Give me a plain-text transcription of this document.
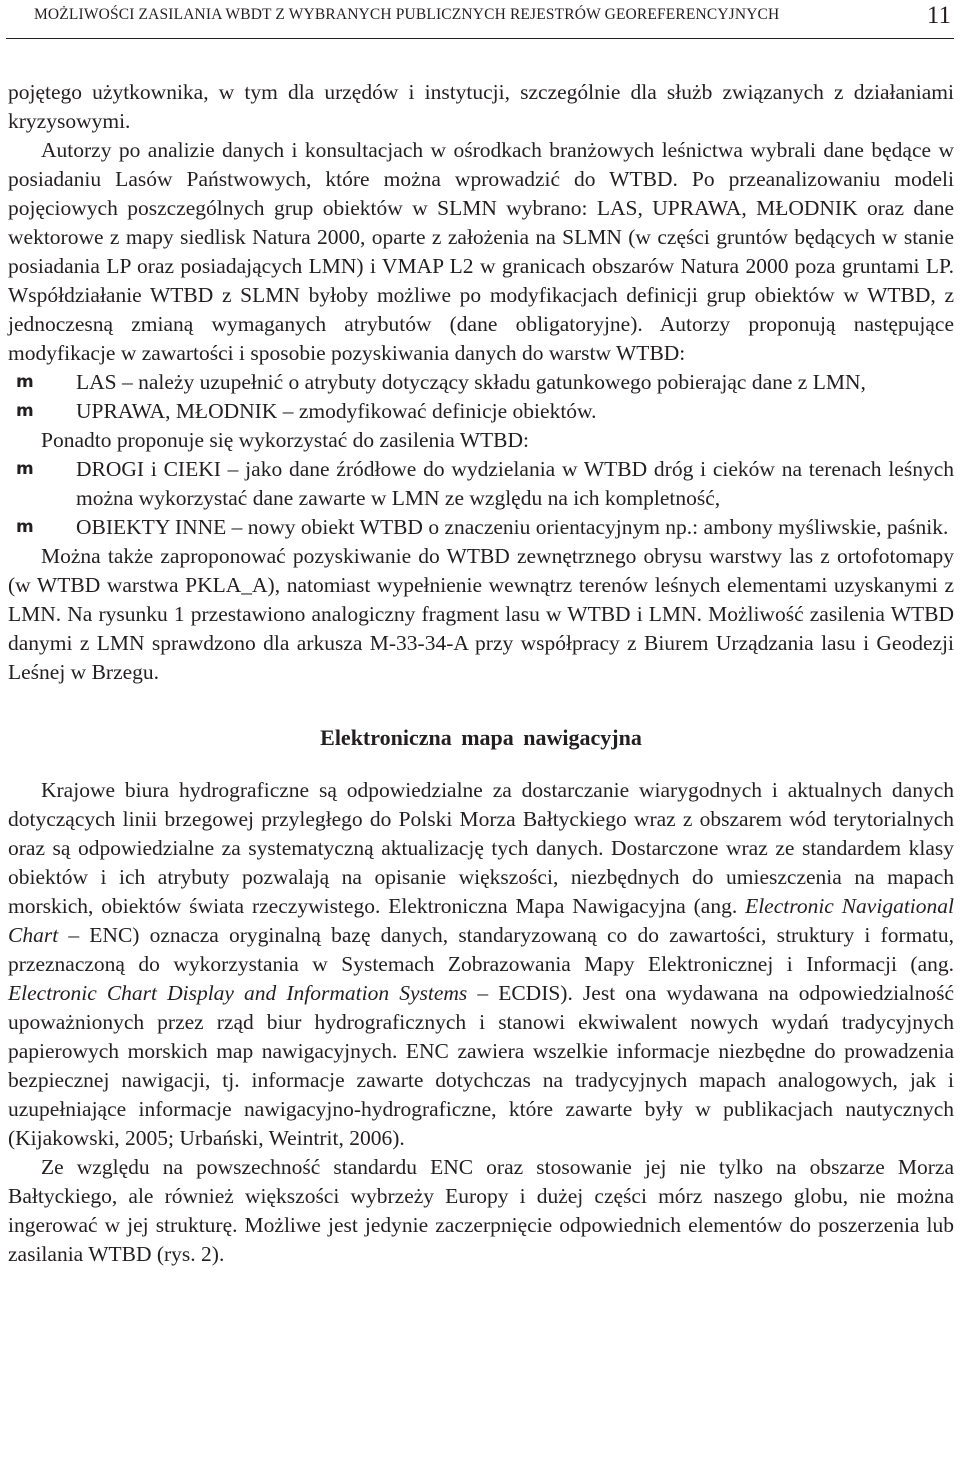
MOŻLIWOŚCI ZASILANIA WBDT Z WYBRANYCH PUBLICZNYCH REJESTRÓW GEOREFERENCYJNYCH	11

pojętego użytkownika, w tym dla urzędów i instytucji, szczególnie dla służb związanych z działaniami kryzysowymi.

Autorzy po analizie danych i konsultacjach w ośrodkach branżowych leśnictwa wybrali dane będące w posiadaniu Lasów Państwowych, które można wprowadzić do WTBD. Po przeanalizowaniu modeli pojęciowych poszczególnych grup obiektów w SLMN wybrano: LAS, UPRAWA, MŁODNIK oraz dane wektorowe z mapy siedlisk Natura 2000, oparte z założenia na SLMN (w części gruntów będących w stanie posiadania LP oraz posiadających LMN) i VMAP L2 w granicach obszarów Natura 2000 poza gruntami LP. Współdziałanie WTBD z SLMN byłoby możliwe po modyfikacjach definicji grup obiektów w WTBD, z jednoczesną zmianą wymaganych atrybutów (dane obligatoryjne). Autorzy proponują następujące modyfikacje w zawartości i sposobie pozyskiwania danych do warstw WTBD:

m LAS – należy uzupełnić o atrybuty dotyczący składu gatunkowego pobierając dane z LMN,
m UPRAWA, MŁODNIK – zmodyfikować definicje obiektów.

Ponadto proponuje się wykorzystać do zasilenia WTBD:

m DROGI i CIEKI – jako dane źródłowe do wydzielania w WTBD dróg i cieków na terenach leśnych można wykorzystać dane zawarte w LMN ze względu na ich kompletność,
m OBIEKTY INNE – nowy obiekt WTBD o znaczeniu orientacyjnym np.: ambony myśliwskie, paśnik.

Można także zaproponować pozyskiwanie do WTBD zewnętrznego obrysu warstwy las z ortofotomapy (w WTBD warstwa PKLA_A), natomiast wypełnienie wewnątrz terenów leśnych elementami uzyskanymi z LMN. Na rysunku 1 przestawiono analogiczny fragment lasu w WTBD i LMN. Możliwość zasilenia WTBD danymi z LMN sprawdzono dla arkusza M-33-34-A przy współpracy z Biurem Urządzania lasu i Geodezji Leśnej w Brzegu.

Elektroniczna mapa nawigacyjna

Krajowe biura hydrograficzne są odpowiedzialne za dostarczanie wiarygodnych i aktualnych danych dotyczących linii brzegowej przyległego do Polski Morza Bałtyckiego wraz z obszarem wód terytorialnych oraz są odpowiedzialne za systematyczną aktualizację tych danych. Dostarczone wraz ze standardem klasy obiektów i ich atrybuty pozwalają na opisanie większości, niezbędnych do umieszczenia na mapach morskich, obiektów świata rzeczywistego. Elektroniczna Mapa Nawigacyjna (ang. Electronic Navigational Chart – ENC) oznacza oryginalną bazę danych, standaryzowaną co do zawartości, struktury i formatu, przeznaczoną do wykorzystania w Systemach Zobrazowania Mapy Elektronicznej i Informacji (ang. Electronic Chart Display and Information Systems – ECDIS). Jest ona wydawana na odpowiedzialność upoważnionych przez rząd biur hydrograficznych i stanowi ekwiwalent nowych wydań tradycyjnych papierowych morskich map nawigacyjnych. ENC zawiera wszelkie informacje niezbędne do prowadzenia bezpiecznej nawigacji, tj. informacje zawarte dotychczas na tradycyjnych mapach analogowych, jak i uzupełniające informacje nawigacyjno-hydrograficzne, które zawarte były w publikacjach nautycznych (Kijakowski, 2005; Urbański, Weintrit, 2006).

Ze względu na powszechność standardu ENC oraz stosowanie jej nie tylko na obszarze Morza Bałtyckiego, ale również większości wybrzeży Europy i dużej części mórz naszego globu, nie można ingerować w jej strukturę. Możliwe jest jedynie zaczerpnięcie odpowiednich elementów do poszerzenia lub zasilania WTBD (rys. 2).
